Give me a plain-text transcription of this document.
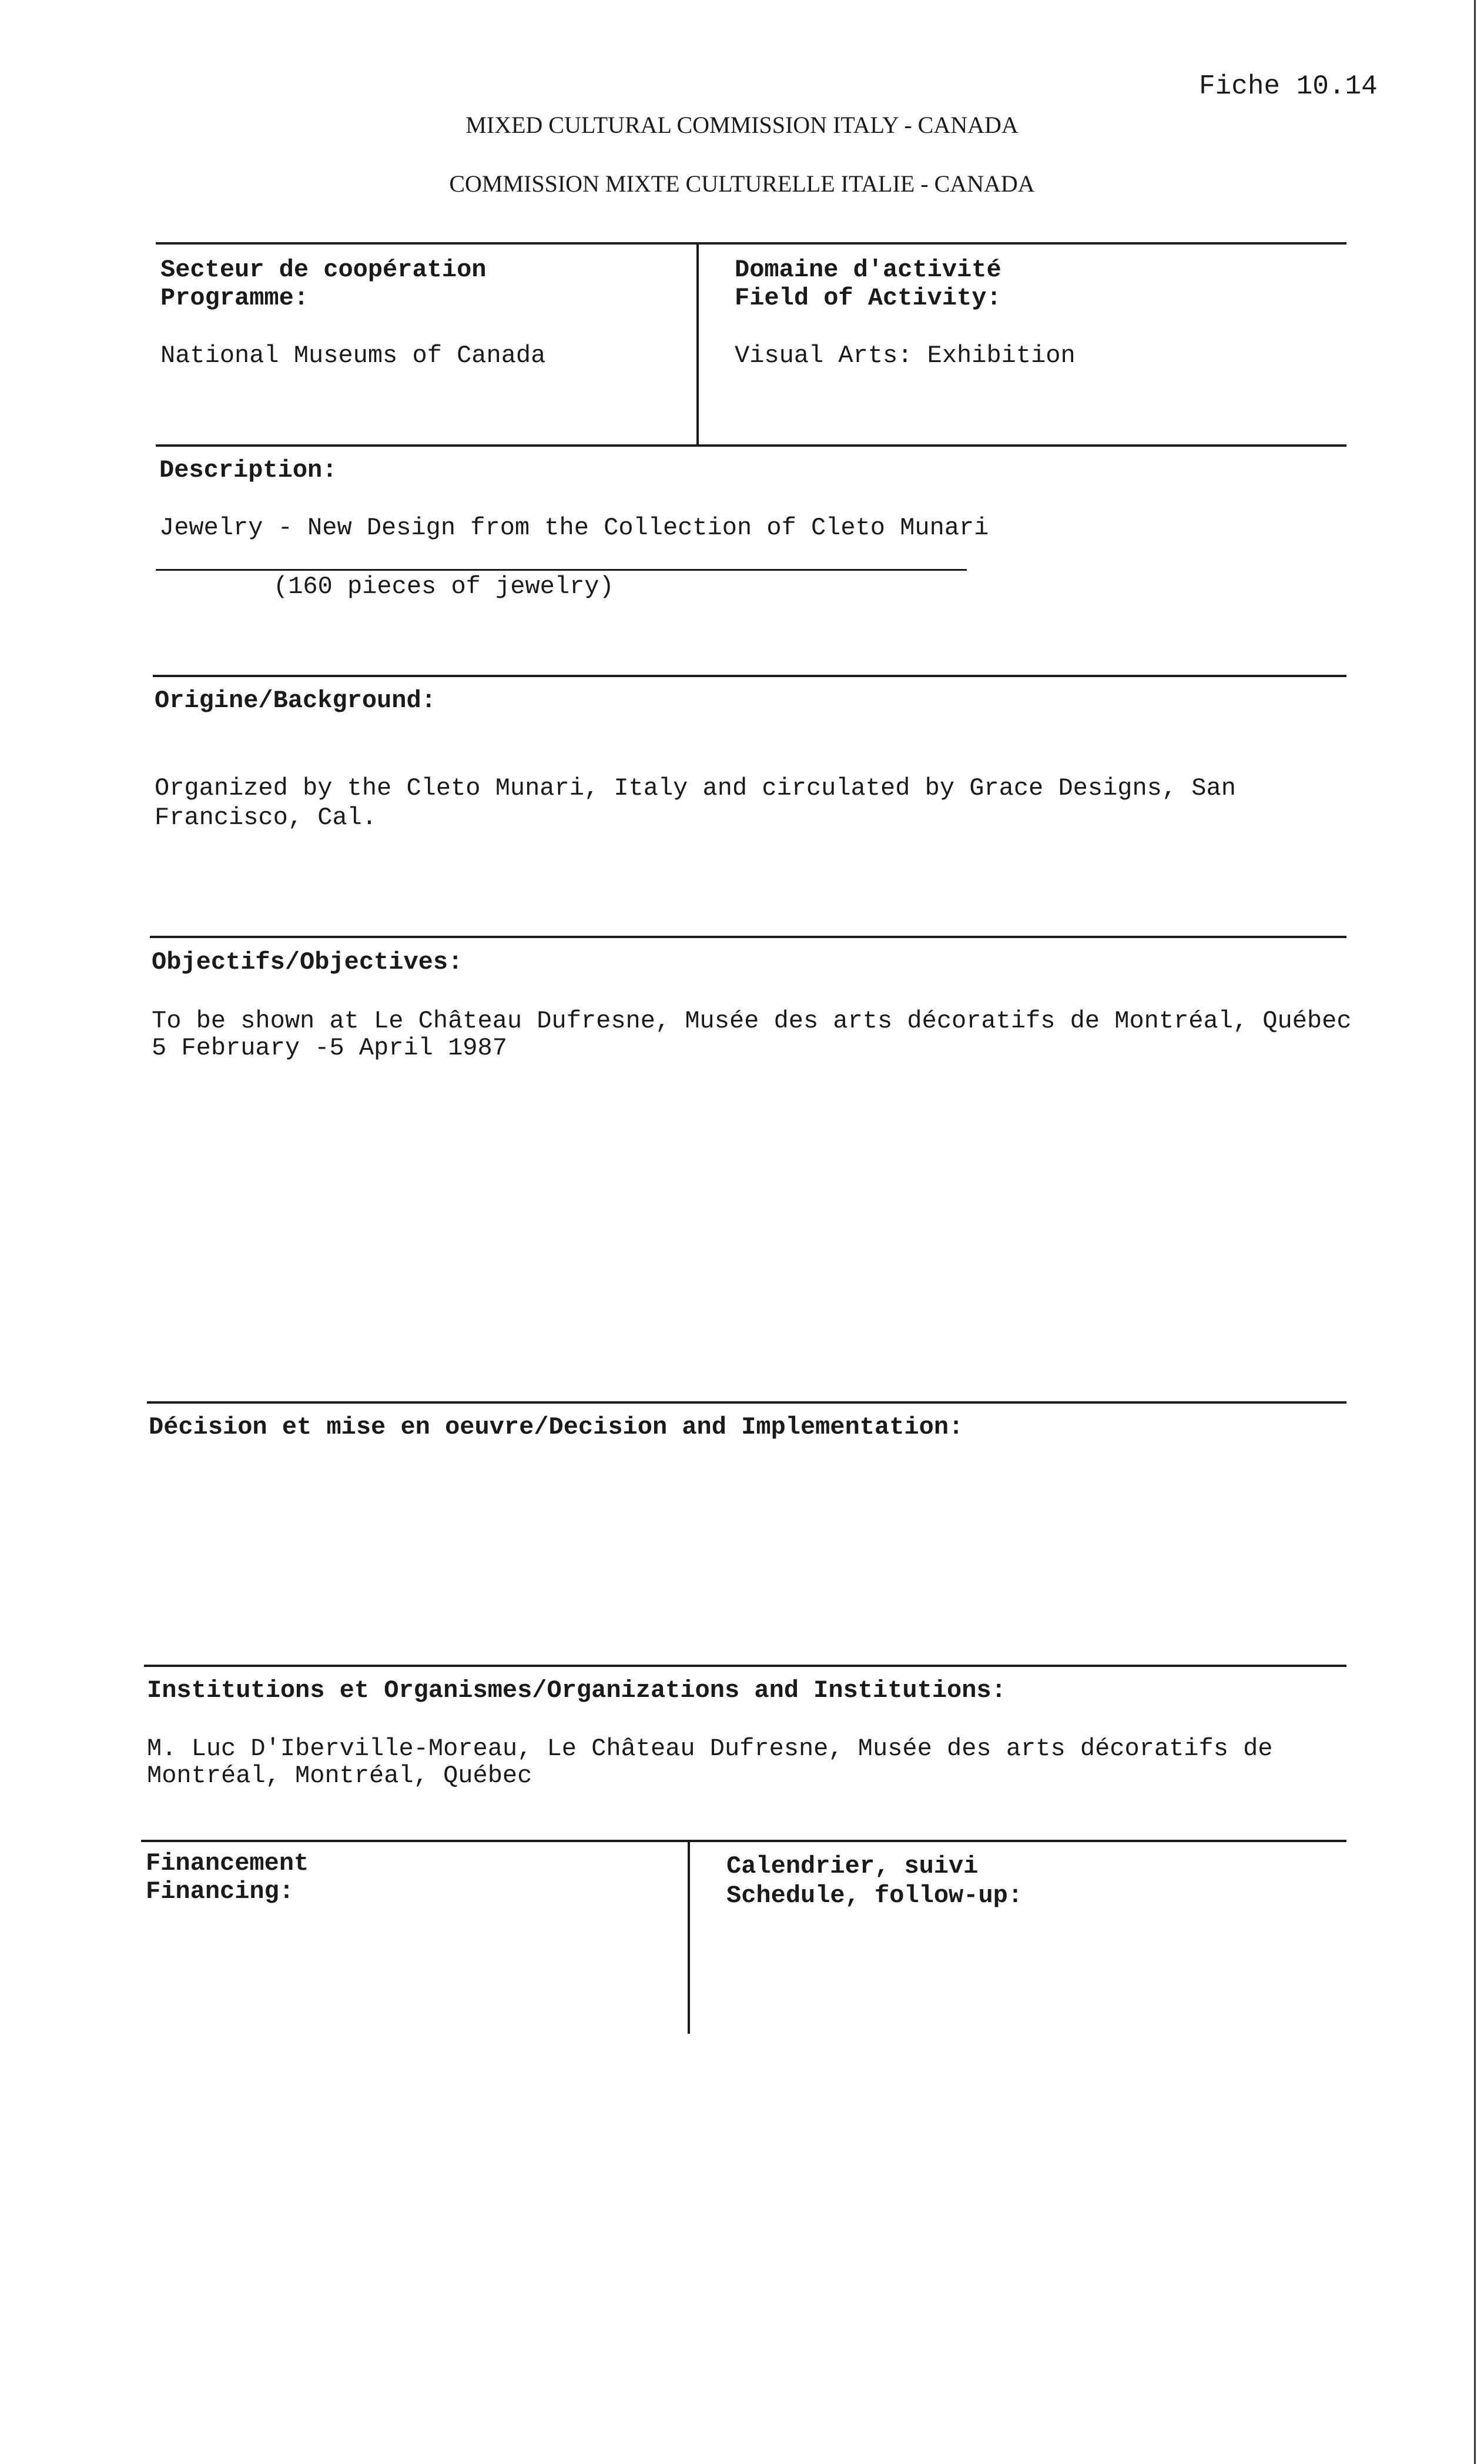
Fiche 10.14
MIXED CULTURAL COMMISSION ITALY - CANADA
COMMISSION MIXTE CULTURELLE ITALIE - CANADA
Secteur de coopération
Programme:
National Museums of Canada
Domaine d'activité
Field of Activity:
Visual Arts: Exhibition
Description:
Jewelry - New Design from the Collection of Cleto Munari
(160 pieces of jewelry)
Origine/Background:
Organized by the Cleto Munari, Italy and circulated by Grace Designs, San
Francisco, Cal.
Objectifs/Objectives:
To be shown at Le Château Dufresne, Musée des arts décoratifs de Montréal, Québec
5 February -5 April 1987
Décision et mise en oeuvre/Decision and Implementation:
Institutions et Organismes/Organizations and Institutions:
M. Luc D'Iberville-Moreau, Le Château Dufresne, Musée des arts décoratifs de
Montréal, Montréal, Québec
Financement
Financing:
Calendrier, suivi
Schedule, follow-up:
